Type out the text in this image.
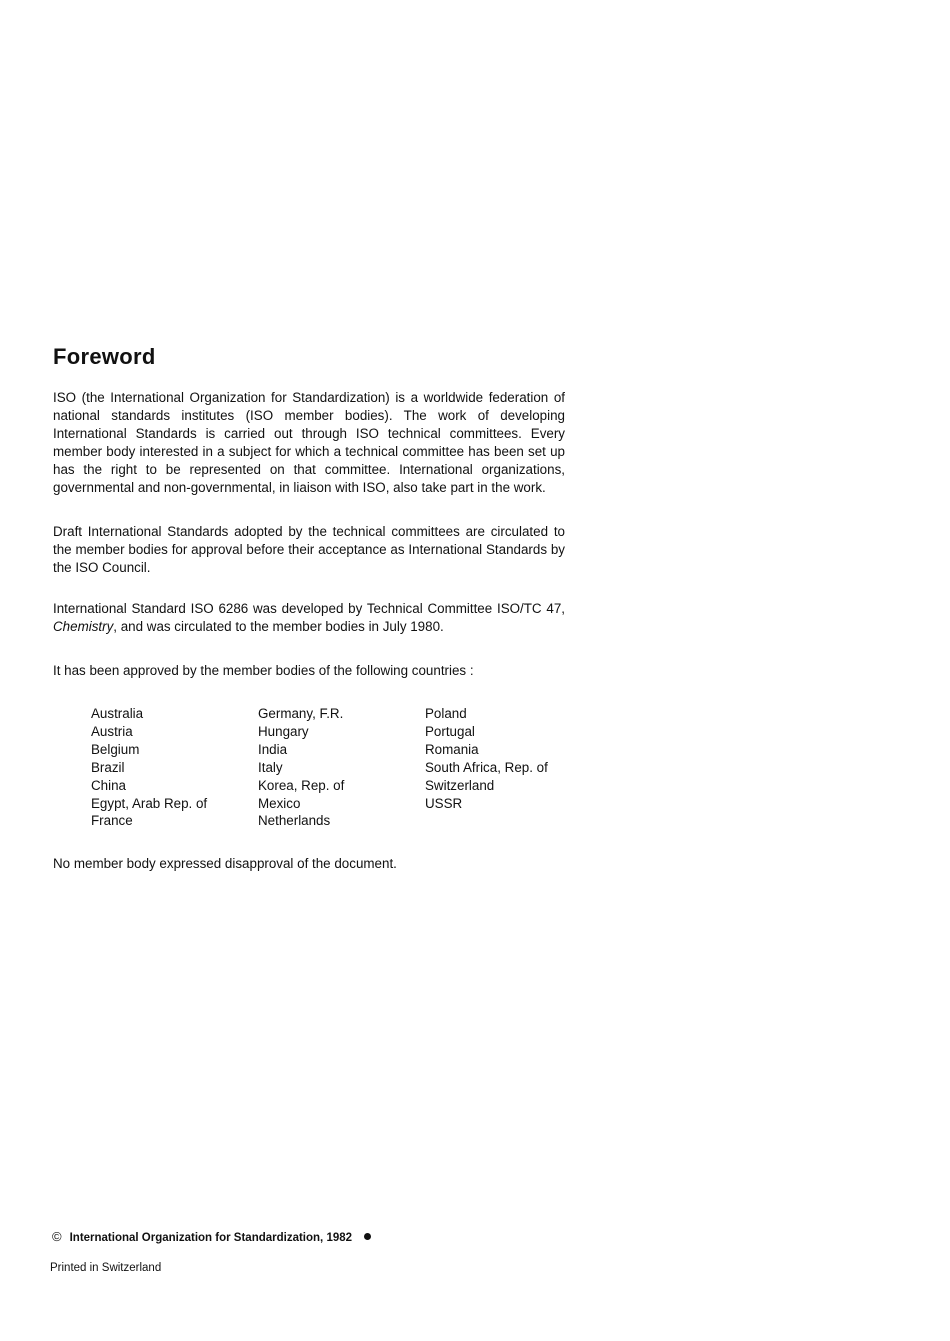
Foreword

ISO (the International Organization for Standardization) is a worldwide federation of national standards institutes (ISO member bodies). The work of developing International Standards is carried out through ISO technical committees. Every member body interested in a subject for which a technical committee has been set up has the right to be represented on that committee. International organizations, governmental and non-governmental, in liaison with ISO, also take part in the work.

Draft International Standards adopted by the technical committees are circulated to the member bodies for approval before their acceptance as International Standards by the ISO Council.

International Standard ISO 6286 was developed by Technical Committee ISO/TC 47, Chemistry, and was circulated to the member bodies in July 1980.

It has been approved by the member bodies of the following countries :

Australia
Austria
Belgium
Brazil
China
Egypt, Arab Rep. of
France
Germany, F.R.
Hungary
India
Italy
Korea, Rep. of
Mexico
Netherlands
Poland
Portugal
Romania
South Africa, Rep. of
Switzerland
USSR

No member body expressed disapproval of the document.

© International Organization for Standardization, 1982
Printed in Switzerland
